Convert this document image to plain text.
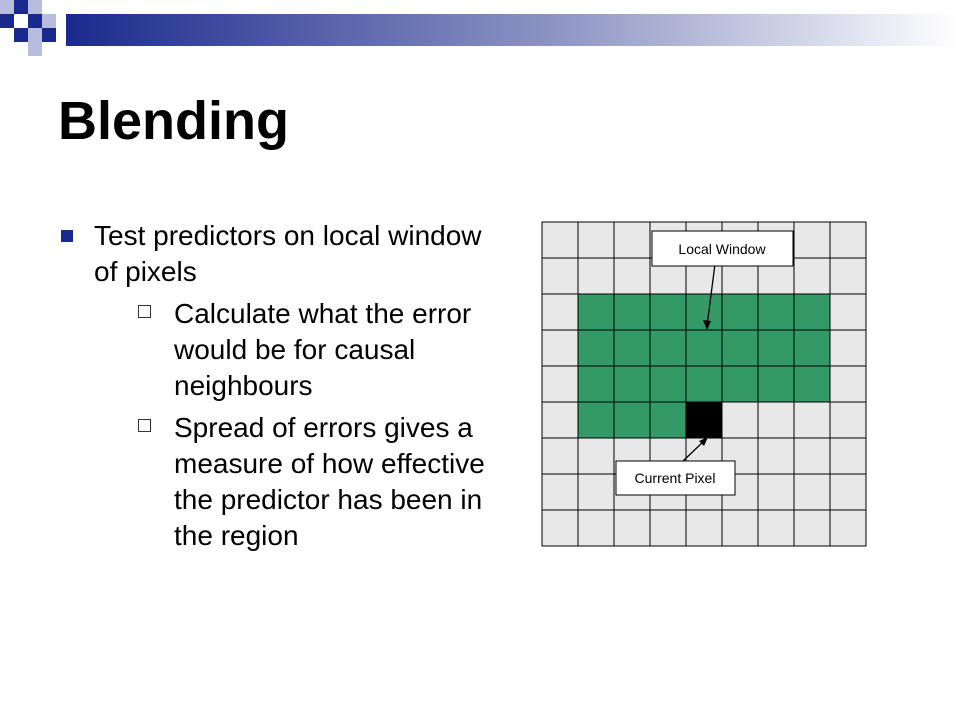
Blending
Test predictors on local window of pixels
Calculate what the error would be for causal neighbours
Spread of errors gives a measure of how effective the predictor has been in the region
Local Window
Current Pixel
